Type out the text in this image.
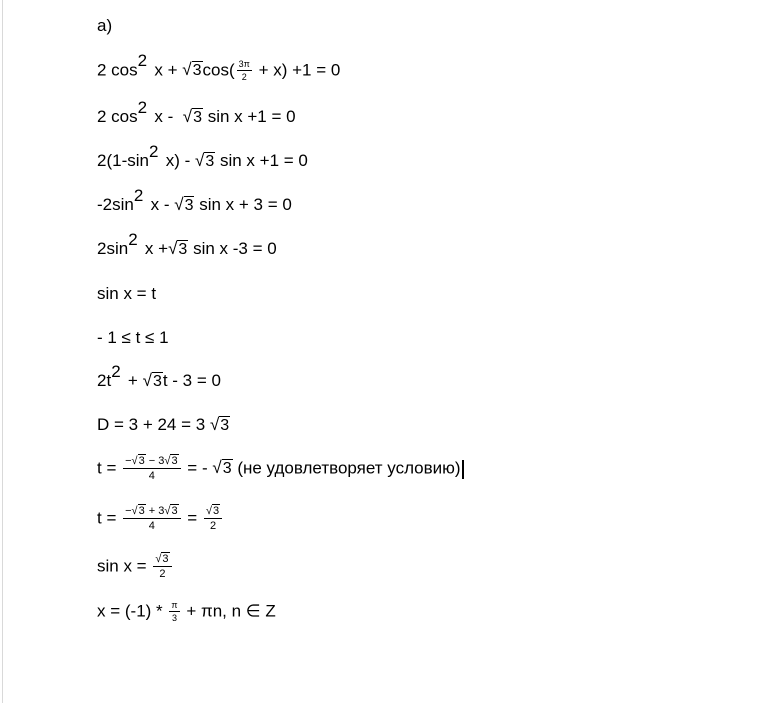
а)
2 cos 2 $x + √3\cos( \frac{3\pi}{2} + x) +1 = 0$
2 cos 2 x - √3 sin x +1 = 0
2(1-sin 2 x) - √3 sin x +1 = 0
-2sin 2 x - √3 sin x + 3 = 0
2sin 2 x +√3 sin x -3 = 0
sin x = t
- 1 ≤ t ≤ 1
2t 2 + √3t - 3 = 0
D = 3 + 24 = 3 √3
$t = \frac{-√3 - 3√3}{4}$ = - √3 (не удовлетворяет условию)
$t = \frac{-√3 + 3√3}{4} = \frac{√3}{2}$
$\sin x = \frac{√3}{2}$
$x = (-1) * \frac{\pi}{3} + \pi n$, n ∈ Z
